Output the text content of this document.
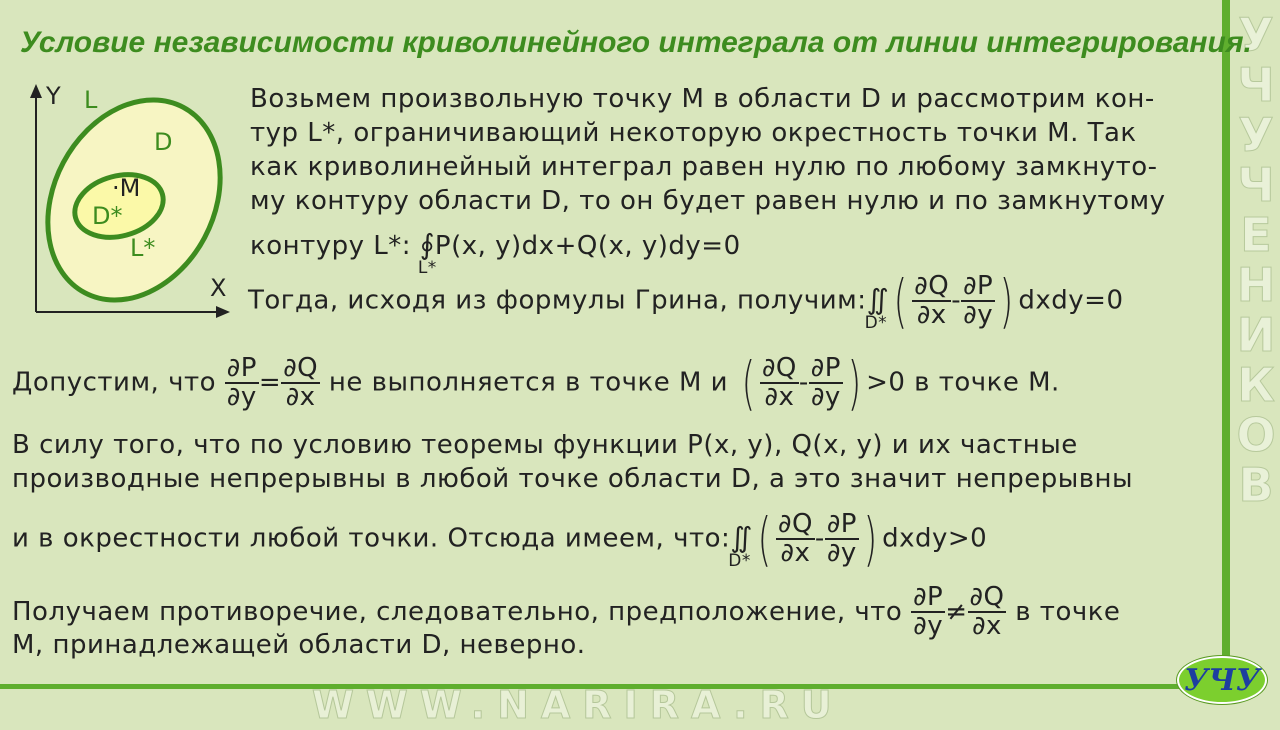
У
Ч
У
Ч
Е
Н
И
К
О
В
WWW.NARIRA.RU
УЧУ
Условие независимости криволинейного интеграла от линии интегрирования.
Y L
D
·M
D*
L*
X
Возьмем произвольную точку M в области D и рассмотрим кон-
тур L*, ограничивающий некоторую окрестность точки M. Так
как криволинейный интеграл равен нулю по любому замкнуто-
му контуру области D, то он будет равен нулю и по замкнутому
контуру L*: ∮
L*
P(x, y)dx+Q(x, y)dy=0
Тогда, исходя из формулы Грина, получим:∬
D* ( $\frac{\partial Q}{\partial x} - \frac{\partial P}{\partial y}$ ) dxdy=0
Допустим, что $\frac{\partial P}{\partial y} = \frac{\partial Q}{\partial x}$ не выполняется в точке M и ( $\frac{\partial Q}{\partial x} - \frac{\partial P}{\partial y}$ ) >0 в точке M.
В силу того, что по условию теоремы функции P(x, y), Q(x, y) и их частные
производные непрерывны в любой точке области D, а это значит непрерывны
и в окрестности любой точки. Отсюда имеем, что:∬
D* ( $\frac{\partial Q}{\partial x} - \frac{\partial P}{\partial y}$ ) dxdy>0
Получаем противоречие, следовательно, предположение, что $\frac{\partial P}{\partial y} \ne \frac{\partial Q}{\partial x}$ в точке
M, принадлежащей области D, неверно.
